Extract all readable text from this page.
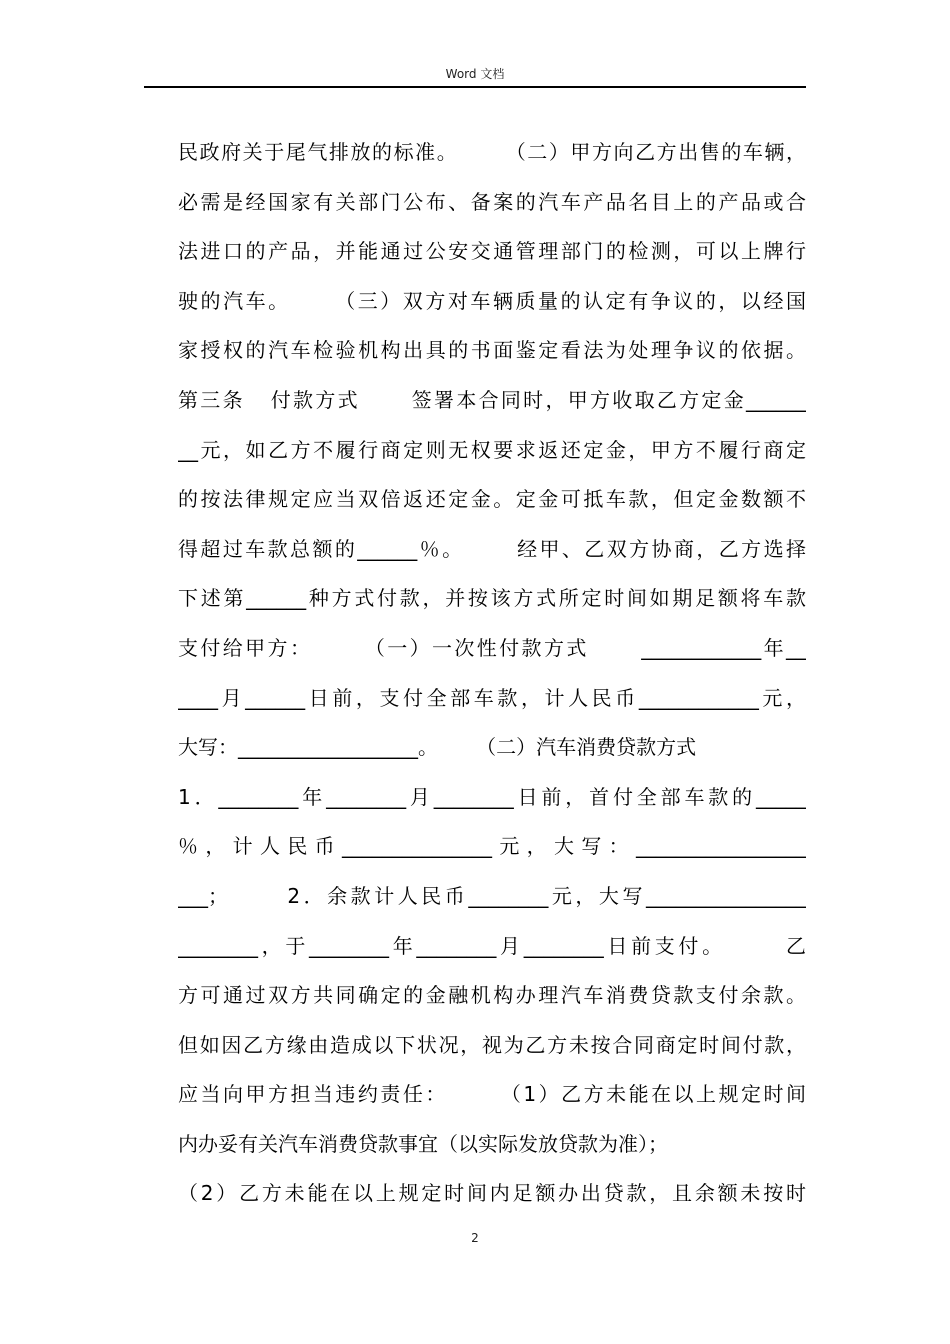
Word 文档
民政府关于尾气排放的标准。      （二）甲方向乙方出售的车辆，
必需是经国家有关部门公布、备案的汽车产品名目上的产品或合
法进口的产品，并能通过公安交通管理部门的检测，可以上牌行
驶的汽车。     （三）双方对车辆质量的认定有争议的，以经国
家授权的汽车检验机构出具的书面鉴定看法为处理争议的依据。
第三条   付款方式      签署本合同时，甲方收取乙方定金______
__元，如乙方不履行商定则无权要求返还定金，甲方不履行商定
的按法律规定应当双倍返还定金。定金可抵车款，但定金数额不
得超过车款总额的______％。      经甲、乙双方协商，乙方选择
下述第______种方式付款，并按该方式所定时间如期足额将车款
支付给甲方：      （一）一次性付款方式      ____________年__
____月______日前，支付全部车款，计人民币____________元，
大写：__________________。      （二）汽车消费贷款方式
1．________年________月________日前，首付全部车款的_____
％，计人民币_______________元，大写：_________________
___；      2．余款计人民币________元，大写________________
________，于________年________月________日前支付。      乙
方可通过双方共同确定的金融机构办理汽车消费贷款支付余款。
但如因乙方缘由造成以下状况，视为乙方未按合同商定时间付款，
应当向甲方担当违约责任：      （1）乙方未能在以上规定时间
内办妥有关汽车消费贷款事宜（以实际发放贷款为准）；
（2）乙方未能在以上规定时间内足额办出贷款，且余额未按时
2
